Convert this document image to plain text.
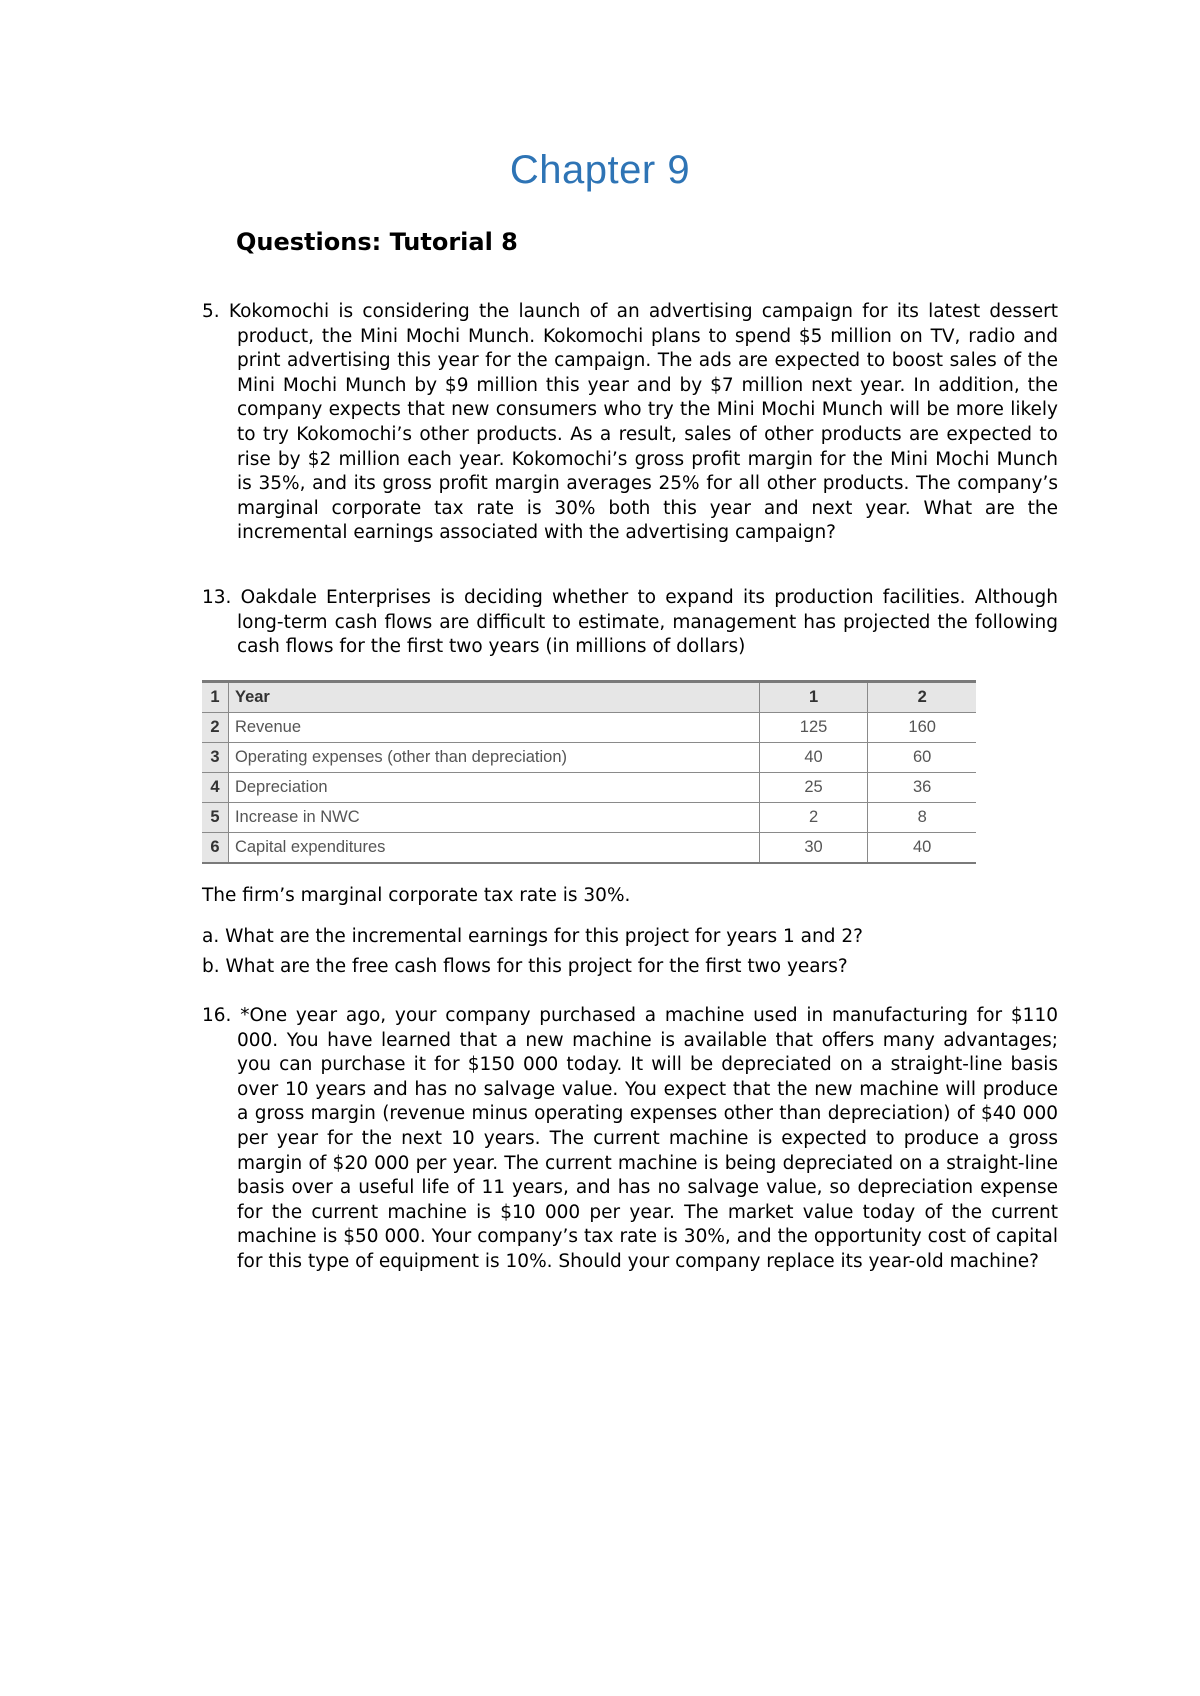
Chapter 9
Questions: Tutorial 8
5. Kokomochi is considering the launch of an advertising campaign for its latest dessert product, the Mini Mochi Munch. Kokomochi plans to spend $5 million on TV, radio and print advertising this year for the campaign. The ads are expected to boost sales of the Mini Mochi Munch by $9 million this year and by $7 million next year. In addition, the company expects that new consumers who try the Mini Mochi Munch will be more likely to try Kokomochi’s other products. As a result, sales of other products are expected to rise by $2 million each year. Kokomochi’s gross profit margin for the Mini Mochi Munch is 35%, and its gross profit margin averages 25% for all other products. The company’s marginal corporate tax rate is 30% both this year and next year. What are the incremental earnings associated with the advertising campaign?
13. Oakdale Enterprises is deciding whether to expand its production facilities. Although long-term cash flows are difficult to estimate, management has projected the following cash flows for the first two years (in millions of dollars)
1	Year	1	2
2	Revenue	125	160
3	Operating expenses (other than depreciation)	40	60
4	Depreciation	25	36
5	Increase in NWC	2	8
6	Capital expenditures	30	40
The firm’s marginal corporate tax rate is 30%.
a. What are the incremental earnings for this project for years 1 and 2?
b. What are the free cash flows for this project for the first two years?
16. *One year ago, your company purchased a machine used in manufacturing for $110 000. You have learned that a new machine is available that offers many advantages; you can purchase it for $150 000 today. It will be depreciated on a straight-line basis over 10 years and has no salvage value. You expect that the new machine will produce a gross margin (revenue minus operating expenses other than depreciation) of $40 000 per year for the next 10 years. The current machine is expected to produce a gross margin of $20 000 per year. The current machine is being depreciated on a straight-line basis over a useful life of 11 years, and has no salvage value, so depreciation expense for the current machine is $10 000 per year. The market value today of the current machine is $50 000. Your company’s tax rate is 30%, and the opportunity cost of capital for this type of equipment is 10%. Should your company replace its year-old machine?
